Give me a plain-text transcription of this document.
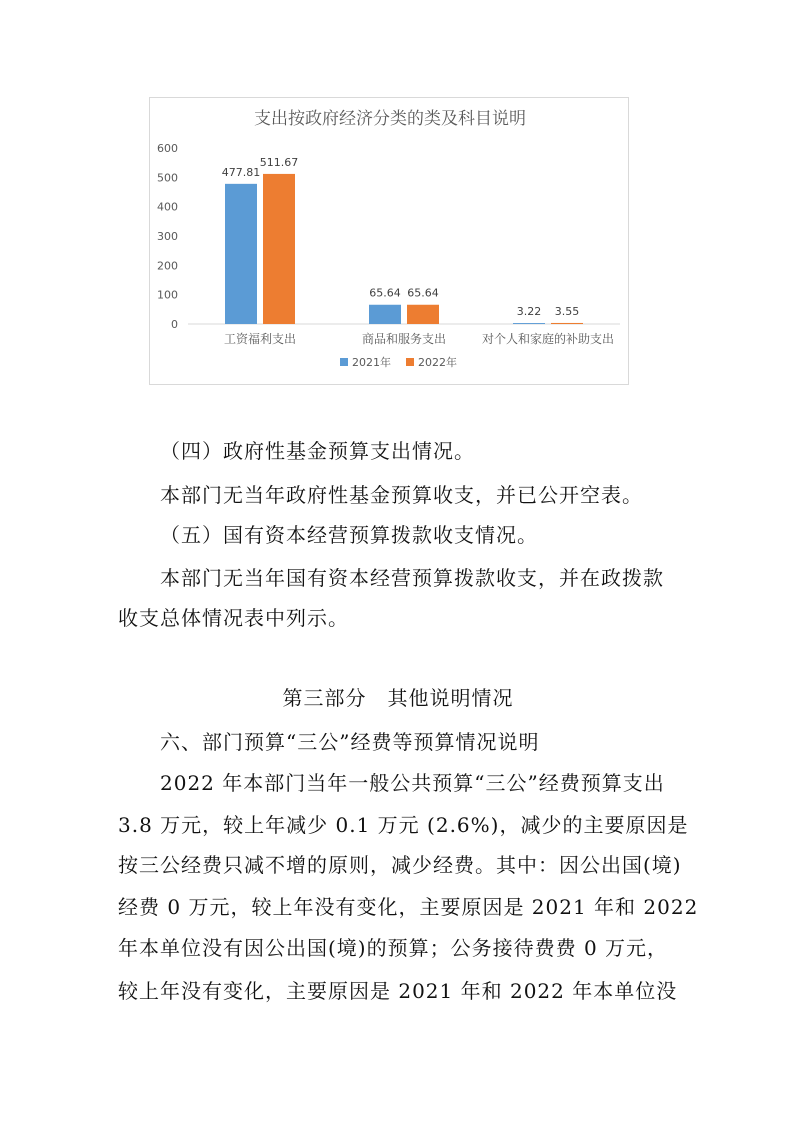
支出按政府经济分类的类及科目说明
0
100
200
300
400
500
600
477.81
511.67
工资福利支出
65.64 65.64
商品和服务支出
3.22 3.55
对个人和家庭的补助支出
2021年 2022年
（四）政府性基金预算支出情况。
本部门无当年政府性基金预算收支，并已公开空表。
（五）国有资本经营预算拨款收支情况。
本部门无当年国有资本经营预算拨款收支，并在政拨款
收支总体情况表中列示。
第三部分　其他说明情况
六、部门预算“三公”经费等预算情况说明
2022 年本部门当年一般公共预算“三公”经费预算支出
3.8 万元，较上年减少 0.1 万元 (2.6%)，减少的主要原因是
按三公经费只减不增的原则，减少经费。其中：因公出国(境)
经费 0 万元，较上年没有变化，主要原因是 2021 年和 2022
年本单位没有因公出国(境)的预算；公务接待费费 0 万元，
较上年没有变化，主要原因是 2021 年和 2022 年本单位没
